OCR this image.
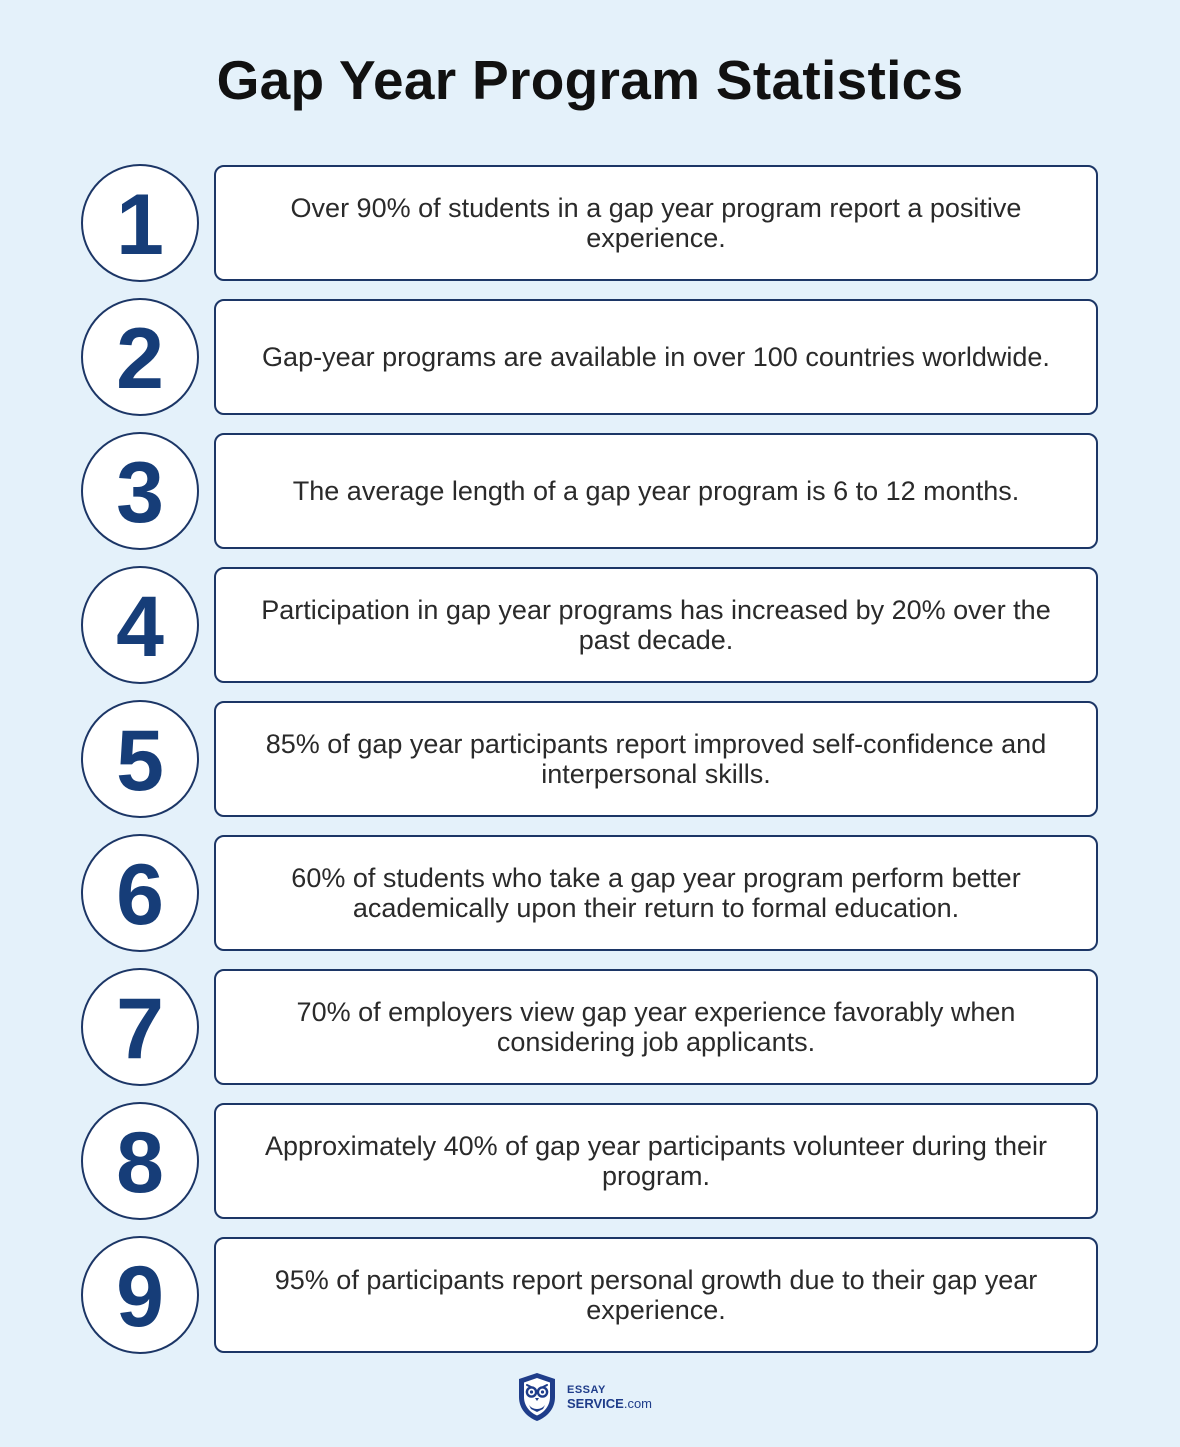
Gap Year Program Statistics
1	Over 90% of students in a gap year program report a positive experience.

2	Gap-year programs are available in over 100 countries worldwide.

3	The average length of a gap year program is 6 to 12 months.

4	Participation in gap year programs has increased by 20% over the past decade.

5	85% of gap year participants report improved self-confidence and interpersonal skills.

6	60% of students who take a gap year program perform better academically upon their return to formal education.

7	70% of employers view gap year experience favorably when considering job applicants.

8	Approximately 40% of gap year participants volunteer during their program.

9	95% of participants report personal growth due to their gap year experience.

ESSAY
SERVICE.com
